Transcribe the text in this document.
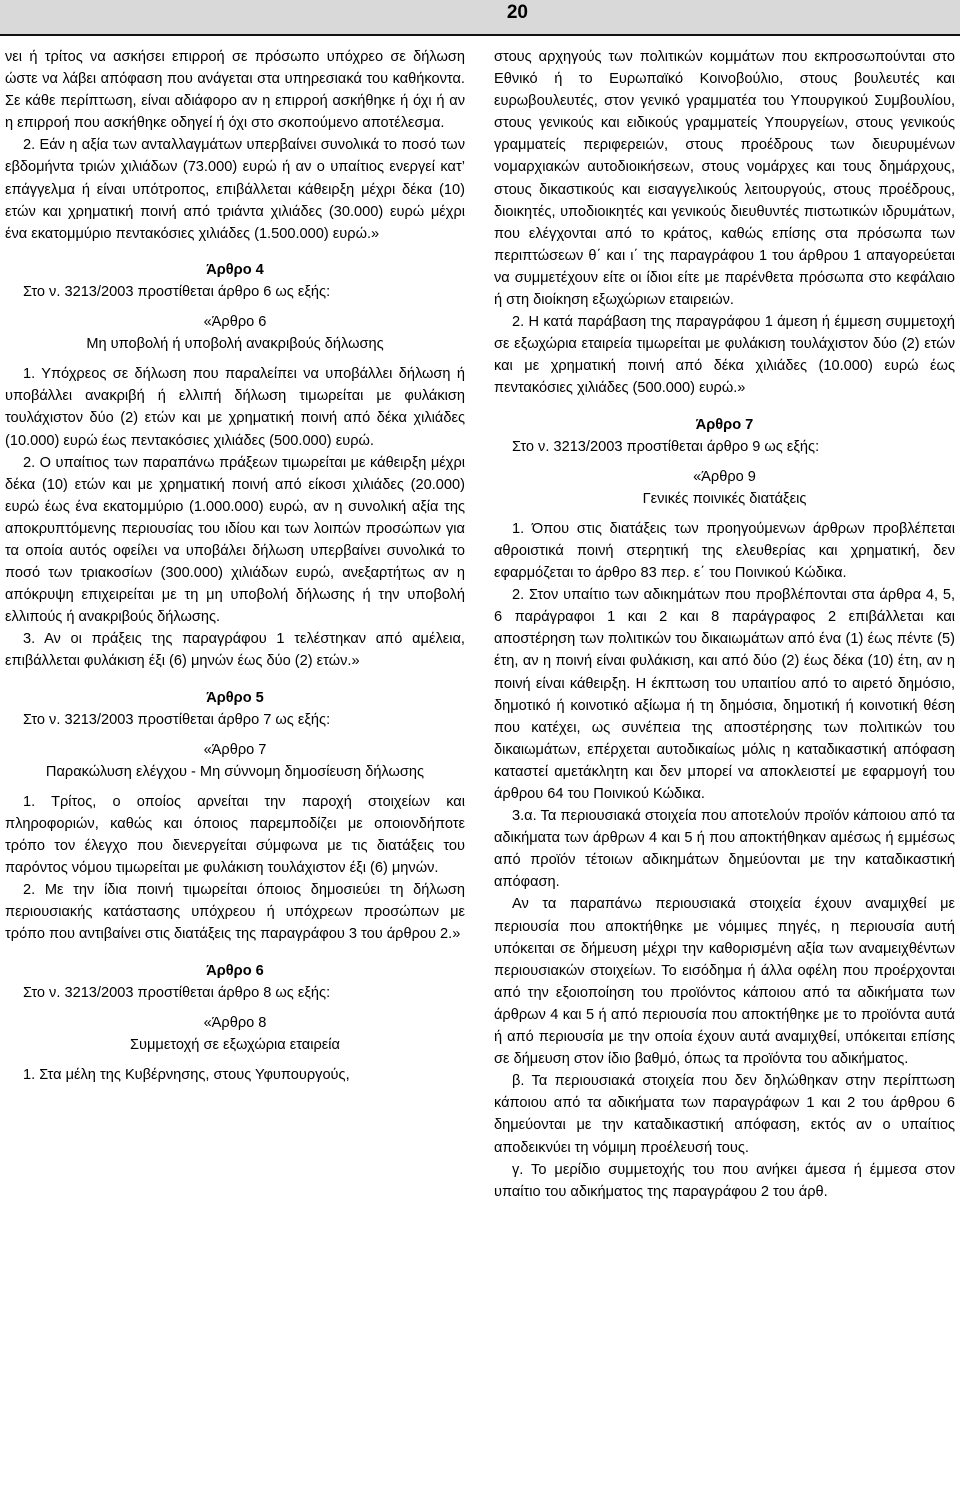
20

νει ή τρίτος να ασκήσει επιρροή σε πρόσωπο υπόχρεο σε δήλωση ώστε να λάβει απόφαση που ανάγεται στα υπηρεσιακά του καθήκοντα. Σε κάθε περίπτωση, είναι αδιάφορο αν η επιρροή ασκήθηκε ή όχι ή αν η επιρροή που ασκήθηκε οδηγεί ή όχι στο σκοπούμενο αποτέλεσμα.

2. Εάν η αξία των ανταλλαγμάτων υπερβαίνει συνολικά το ποσό των εβδομήντα τριών χιλιάδων (73.000) ευρώ ή αν ο υπαίτιος ενεργεί κατ’ επάγγελμα ή είναι υπότροπος, επιβάλλεται κάθειρξη μέχρι δέκα (10) ετών και χρηματική ποινή από τριάντα χιλιάδες (30.000) ευρώ μέχρι ένα εκατομμύριο πεντακόσιες χιλιάδες (1.500.000) ευρώ.»

Άρθρο 4

Στο ν. 3213/2003 προστίθεται άρθρο 6 ως εξής:

«Άρθρο 6

Μη υποβολή ή υποβολή ανακριβούς δήλωσης

1. Υπόχρεος σε δήλωση που παραλείπει να υποβάλλει δήλωση ή υποβάλλει ανακριβή ή ελλιπή δήλωση τιμωρείται με φυλάκιση τουλάχιστον δύο (2) ετών και με χρηματική ποινή από δέκα χιλιάδες (10.000) ευρώ έως πεντακόσιες χιλιάδες (500.000) ευρώ.

2. Ο υπαίτιος των παραπάνω πράξεων τιμωρείται με κάθειρξη μέχρι δέκα (10) ετών και με χρηματική ποινή από είκοσι χιλιάδες (20.000) ευρώ έως ένα εκατομμύριο (1.000.000) ευρώ, αν η συνολική αξία της αποκρυπτόμενης περιουσίας του ιδίου και των λοιπών προσώπων για τα οποία αυτός οφείλει να υποβάλει δήλωση υπερβαίνει συνολικά το ποσό των τριακοσίων (300.000) χιλιάδων ευρώ, ανεξαρτήτως αν η απόκρυψη επιχειρείται με τη μη υποβολή δήλωσης ή την υποβολή ελλιπούς ή ανακριβούς δήλωσης.

3. Αν οι πράξεις της παραγράφου 1 τελέστηκαν από αμέλεια, επιβάλλεται φυλάκιση έξι (6) μηνών έως δύο (2) ετών.»

Άρθρο 5

Στο ν. 3213/2003 προστίθεται άρθρο 7 ως εξής:

«Άρθρο 7

Παρακώλυση ελέγχου - Μη σύννομη δημοσίευση δήλωσης

1. Τρίτος, ο οποίος αρνείται την παροχή στοιχείων και πληροφοριών, καθώς και όποιος παρεμποδίζει με οποιονδήποτε τρόπο τον έλεγχο που διενεργείται σύμφωνα με τις διατάξεις του παρόντος νόμου τιμωρείται με φυλάκιση τουλάχιστον έξι (6) μηνών.

2. Με την ίδια ποινή τιμωρείται όποιος δημοσιεύει τη δήλωση περιουσιακής κατάστασης υπόχρεου ή υπόχρεων προσώπων με τρόπο που αντιβαίνει στις διατάξεις της παραγράφου 3 του άρθρου 2.»

Άρθρο 6

Στο ν. 3213/2003 προστίθεται άρθρο 8 ως εξής:

«Άρθρο 8

Συμμετοχή σε εξωχώρια εταιρεία

1. Στα μέλη της Κυβέρνησης, στους Υφυπουργούς,

στους αρχηγούς των πολιτικών κομμάτων που εκπροσωπούνται στο Εθνικό ή το Ευρωπαϊκό Κοινοβούλιο, στους βουλευτές και ευρωβουλευτές, στον γενικό γραμματέα του Υπουργικού Συμβουλίου, στους γενικούς και ειδικούς γραμματείς Υπουργείων, στους γενικούς γραμματείς περιφερειών, στους προέδρους των διευρυμένων νομαρχιακών αυτοδιοικήσεων, στους νομάρχες και τους δημάρχους, στους δικαστικούς και εισαγγελικούς λειτουργούς, στους προέδρους, διοικητές, υποδιοικητές και γενικούς διευθυντές πιστωτικών ιδρυμάτων, που ελέγχονται από το κράτος, καθώς επίσης στα πρόσωπα των περιπτώσεων θ΄ και ι΄ της παραγράφου 1 του άρθρου 1 απαγορεύεται να συμμετέχουν είτε οι ίδιοι είτε με παρένθετα πρόσωπα στο κεφάλαιο ή στη διοίκηση εξωχώριων εταιρειών.

2. Η κατά παράβαση της παραγράφου 1 άμεση ή έμμεση συμμετοχή σε εξωχώρια εταιρεία τιμωρείται με φυλάκιση τουλάχιστον δύο (2) ετών και με χρηματική ποινή από δέκα χιλιάδες (10.000) ευρώ έως πεντακόσιες χιλιάδες (500.000) ευρώ.»

Άρθρο 7

Στο ν. 3213/2003 προστίθεται άρθρο 9 ως εξής:

«Άρθρο 9

Γενικές ποινικές διατάξεις

1. Όπου στις διατάξεις των προηγούμενων άρθρων προβλέπεται αθροιστικά ποινή στερητική της ελευθερίας και χρηματική, δεν εφαρμόζεται το άρθρο 83 περ. ε΄ του Ποινικού Κώδικα.

2. Στον υπαίτιο των αδικημάτων που προβλέπονται στα άρθρα 4, 5, 6 παράγραφοι 1 και 2 και 8 παράγραφος 2 επιβάλλεται και αποστέρηση των πολιτικών του δικαιωμάτων από ένα (1) έως πέντε (5) έτη, αν η ποινή είναι φυλάκιση, και από δύο (2) έως δέκα (10) έτη, αν η ποινή είναι κάθειρξη. Η έκπτωση του υπαιτίου από το αιρετό δημόσιο, δημοτικό ή κοινοτικό αξίωμα ή τη δημόσια, δημοτική ή κοινοτική θέση που κατέχει, ως συνέπεια της αποστέρησης των πολιτικών του δικαιωμάτων, επέρχεται αυτοδικαίως μόλις η καταδικαστική απόφαση καταστεί αμετάκλητη και δεν μπορεί να αποκλειστεί με εφαρμογή του άρθρου 64 του Ποινικού Κώδικα.

3.α. Τα περιουσιακά στοιχεία που αποτελούν προϊόν κάποιου από τα αδικήματα των άρθρων 4 και 5 ή που αποκτήθηκαν αμέσως ή εμμέσως από προϊόν τέτοιων αδικημάτων δημεύονται με την καταδικαστική απόφαση.

Αν τα παραπάνω περιουσιακά στοιχεία έχουν αναμιχθεί με περιουσία που αποκτήθηκε με νόμιμες πηγές, η περιουσία αυτή υπόκειται σε δήμευση μέχρι την καθορισμένη αξία των αναμειχθέντων περιουσιακών στοιχείων. Το εισόδημα ή άλλα οφέλη που προέρχονται από την εξοιοποίηση του προϊόντος κάποιου από τα αδικήματα των άρθρων 4 και 5 ή από περιουσία που αποκτήθηκε με το προϊόντα αυτά ή από περιουσία με την οποία έχουν αυτά αναμιχθεί, υπόκειται επίσης σε δήμευση στον ίδιο βαθμό, όπως τα προϊόντα του αδικήματος.

β. Τα περιουσιακά στοιχεία που δεν δηλώθηκαν στην περίπτωση κάποιου από τα αδικήματα των παραγράφων 1 και 2 του άρθρου 6 δημεύονται με την καταδικαστική απόφαση, εκτός αν ο υπαίτιος αποδεικνύει τη νόμιμη προέλευσή τους.

γ. Το μερίδιο συμμετοχής του που ανήκει άμεσα ή έμμεσα στον υπαίτιο του αδικήματος της παραγράφου 2 του άρθ.
